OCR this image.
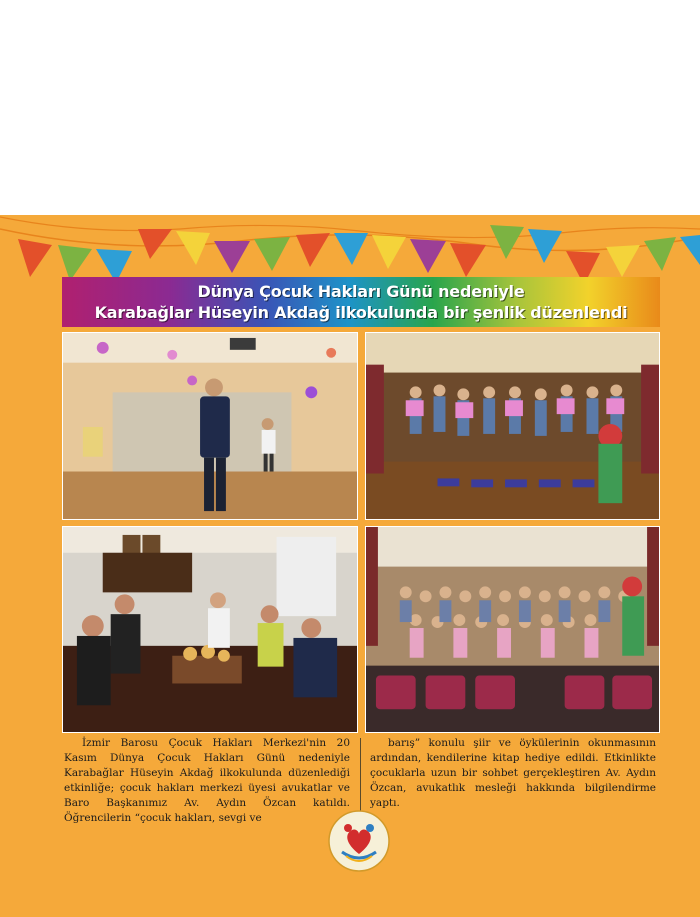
Dünya Çocuk Hakları Günü nedeniyle
Karabağlar Hüseyin Akdağ ilkokulunda bir şenlik düzenlendi
İzmir Barosu Çocuk Hakları Merkezi'nin 20 Kasım Dünya Çocuk Hakları Günü nedeniyle Karabağlar Hüseyin Akdağ ilkokulunda düzenlediği etkinliğe; çocuk hakları merkezi üyesi avukatlar ve Baro Başkanımız Av. Aydın Özcan katıldı. Öğrencilerin “çocuk hakları, sevgi ve
barış” konulu şiir ve öykülerinin okunmasının ardından, kendilerine kitap hediye edildi. Etkinlikte çocuklarla uzun bir sohbet gerçekleştiren Av. Aydın Özcan, avukatlık mesleği hakkında bilgilendirme yaptı.
